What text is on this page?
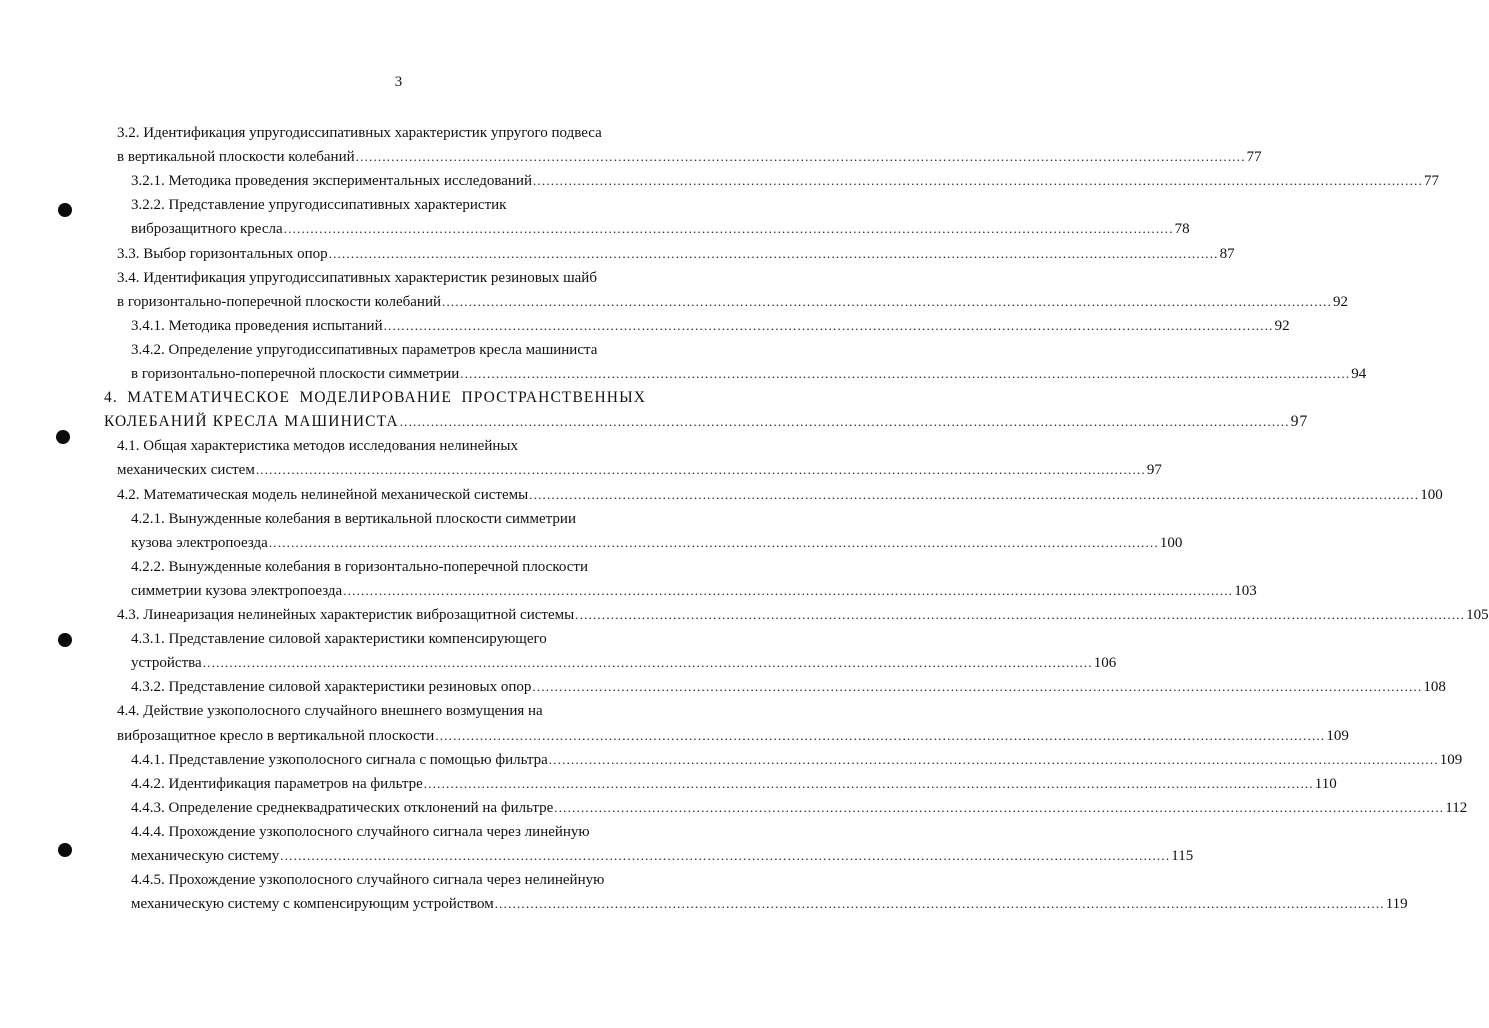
3
3.2. Идентификация упругодиссипативных характеристик упругого подвеса
в вертикальной плоскости колебаний ........................................................................................................................................................................................................ 77
3.2.1. Методика проведения экспериментальных исследований ........................................................................................................................................................................................................ 77
3.2.2. Представление упругодиссипативных характеристик
виброзащитного кресла ........................................................................................................................................................................................................ 78
3.3. Выбор горизонтальных опор ........................................................................................................................................................................................................ 87
3.4. Идентификация упругодиссипативных характеристик резиновых шайб
в горизонтально-поперечной плоскости колебаний ........................................................................................................................................................................................................ 92
3.4.1. Методика проведения испытаний ........................................................................................................................................................................................................ 92
3.4.2. Определение упругодиссипативных параметров кресла машиниста
в горизонтально-поперечной плоскости симметрии ........................................................................................................................................................................................................ 94
4. МАТЕМАТИЧЕСКОЕ МОДЕЛИРОВАНИЕ ПРОСТРАНСТВЕННЫХ
КОЛЕБАНИЙ КРЕСЛА МАШИНИСТА ........................................................................................................................................................................................................ 97
4.1. Общая характеристика методов исследования нелинейных
механических систем ........................................................................................................................................................................................................ 97
4.2. Математическая модель нелинейной механической системы ........................................................................................................................................................................................................ 100
4.2.1. Вынужденные колебания в вертикальной плоскости симметрии
кузова электропоезда ........................................................................................................................................................................................................ 100
4.2.2. Вынужденные колебания в горизонтально-поперечной плоскости
симметрии кузова электропоезда ........................................................................................................................................................................................................ 103
4.3. Линеаризация нелинейных характеристик виброзащитной системы ........................................................................................................................................................................................................ 105
4.3.1. Представление силовой характеристики компенсирующего
устройства ........................................................................................................................................................................................................ 106
4.3.2. Представление силовой характеристики резиновых опор ........................................................................................................................................................................................................ 108
4.4. Действие узкополосного случайного внешнего возмущения на
виброзащитное кресло в вертикальной плоскости ........................................................................................................................................................................................................ 109
4.4.1. Представление узкополосного сигнала с помощью фильтра ........................................................................................................................................................................................................ 109
4.4.2. Идентификация параметров на фильтре ........................................................................................................................................................................................................ 110
4.4.3. Определение среднеквадратических отклонений на фильтре ........................................................................................................................................................................................................ 112
4.4.4. Прохождение узкополосного случайного сигнала через линейную
механическую систему ........................................................................................................................................................................................................ 115
4.4.5. Прохождение узкополосного случайного сигнала через нелинейную
механическую систему с компенсирующим устройством ........................................................................................................................................................................................................ 119
